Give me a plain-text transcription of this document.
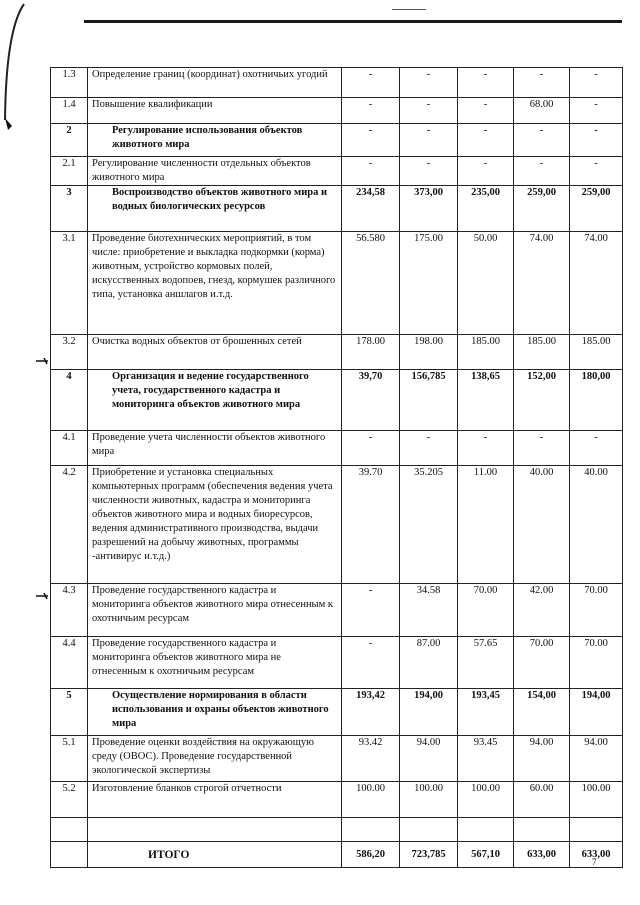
1.3	Определение границ (координат) охотничьих угодий	-	-	-	-	-
1.4	Повышение квалификации	-	-	-	68.00	-
2	Регулирование использования объектов животного мира	-	-	-	-	-
2.1	Регулирование численности отдельных объектов животного мира	-	-	-	-	-
3	Воспроизводство объектов животного мира и водных биологических ресурсов	234,58	373,00	235,00	259,00	259,00
3.1	Проведение биотехнических мероприятий, в том числе: приобретение и выкладка подкормки (корма) животным, устройство кормовых полей, искусственных водопоев, гнезд, кормушек различного типа, установка аншлагов и.т.д.	56.580	175.00	50.00	74.00	74.00
3.2	Очистка водных объектов от брошенных сетей	178.00	198.00	185.00	185.00	185.00
4	Организация и ведение государственного учета, государственного кадастра и мониторинга объектов животного мира	39,70	156,785	138,65	152,00	180,00
4.1	Проведение учета численности объектов животного мира	-	-	-	-	-
4.2	Приобретение и установка специальных компьютерных программ (обеспечения ведения учета численности животных, кадастра и мониторинга объектов животного мира и водных биоресурсов, ведения административного производства, выдачи разрешений на добычу животных, программы -антивирус и.т.д.)	39.70	35.205	11.00	40.00	40.00
4.3	Проведение государственного кадастра и мониторинга объектов животного мира отнесенным к охотничьим ресурсам	-	34.58	70.00	42.00	70.00
4.4	Проведение государственного кадастра и мониторинга объектов животного мира не отнесенным к охотничьим ресурсам	-	87.00	57.65	70.00	70.00
5	Осуществление нормирования в области использования и охраны объектов животного мира	193,42	194,00	193,45	154,00	194,00
5.1	Проведение оценки воздействия на окружающую среду (ОВОС). Проведение государственной экологической экспертизы	93.42	94.00	93.45	94.00	94.00
5.2	Изготовление бланков строгой отчетности	100.00	100.00	100.00	60.00	100.00

	ИТОГО	586,20	723,785	567,10	633,00	633,00
7
